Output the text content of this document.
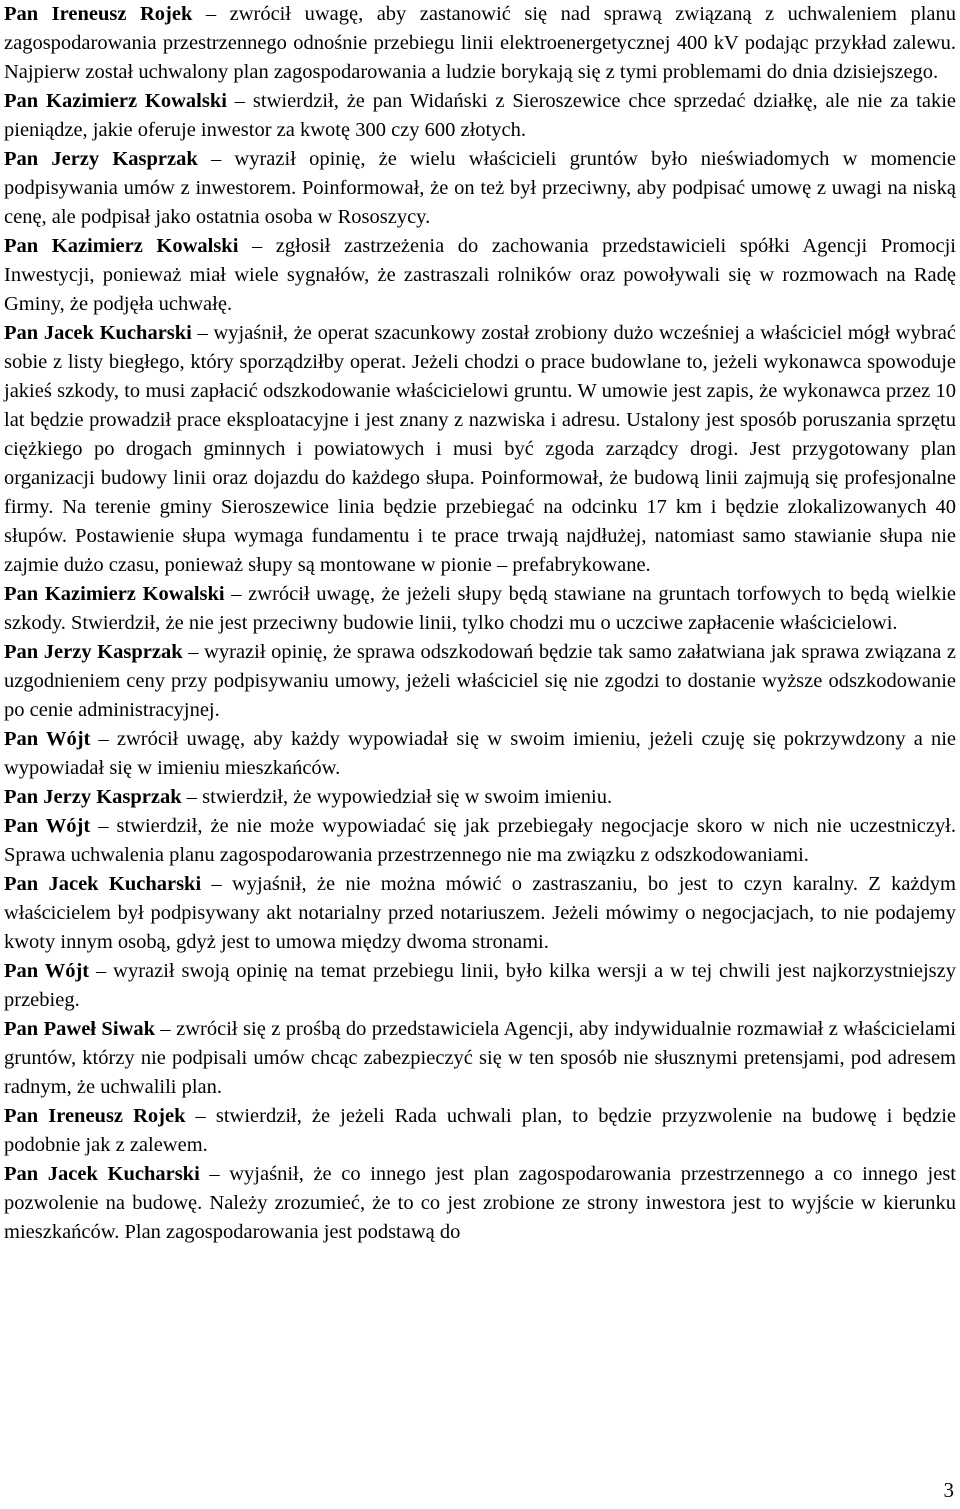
Pan Ireneusz Rojek – zwrócił uwagę, aby zastanowić się nad sprawą związaną z uchwaleniem planu zagospodarowania przestrzennego odnośnie przebiegu linii elektroenergetycznej 400 kV podając przykład zalewu. Najpierw został uchwalony plan zagospodarowania a ludzie borykają się z tymi problemami do dnia dzisiejszego.

Pan Kazimierz Kowalski – stwierdził, że pan Widański z Sieroszewice chce sprzedać działkę, ale nie za takie pieniądze, jakie oferuje inwestor za kwotę 300 czy 600 złotych.

Pan Jerzy Kasprzak – wyraził opinię, że wielu właścicieli gruntów było nieświadomych w momencie podpisywania umów z inwestorem. Poinformował, że on też był przeciwny, aby podpisać umowę z uwagi na niską cenę, ale podpisał jako ostatnia osoba w Rososzycy.

Pan Kazimierz Kowalski – zgłosił zastrzeżenia do zachowania przedstawicieli spółki Agencji Promocji Inwestycji, ponieważ miał wiele sygnałów, że zastraszali rolników oraz powoływali się w rozmowach na Radę Gminy, że podjęła uchwałę.

Pan Jacek Kucharski – wyjaśnił, że operat szacunkowy został zrobiony dużo wcześniej a właściciel mógł wybrać sobie z listy biegłego, który sporządziłby operat. Jeżeli chodzi o prace budowlane to, jeżeli wykonawca spowoduje jakieś szkody, to musi zapłacić odszkodowanie właścicielowi gruntu. W umowie jest zapis, że wykonawca przez 10 lat będzie prowadził prace eksploatacyjne i jest znany z nazwiska i adresu. Ustalony jest sposób poruszania sprzętu ciężkiego po drogach gminnych i powiatowych i musi być zgoda zarządcy drogi. Jest przygotowany plan organizacji budowy linii oraz dojazdu do każdego słupa. Poinformował, że budową linii zajmują się profesjonalne firmy. Na terenie gminy Sieroszewice linia będzie przebiegać na odcinku 17 km i będzie zlokalizowanych 40 słupów. Postawienie słupa wymaga fundamentu i te prace trwają najdłużej, natomiast samo stawianie słupa nie zajmie dużo czasu, ponieważ słupy są montowane w pionie – prefabrykowane.

Pan Kazimierz Kowalski – zwrócił uwagę, że jeżeli słupy będą stawiane na gruntach torfowych to będą wielkie szkody. Stwierdził, że nie jest przeciwny budowie linii, tylko chodzi mu o uczciwe zapłacenie właścicielowi.

Pan Jerzy Kasprzak – wyraził opinię, że sprawa odszkodowań będzie tak samo załatwiana jak sprawa związana z uzgodnieniem ceny przy podpisywaniu umowy, jeżeli właściciel się nie zgodzi to dostanie wyższe odszkodowanie po cenie administracyjnej.

Pan Wójt – zwrócił uwagę, aby każdy wypowiadał się w swoim imieniu, jeżeli czuję się pokrzywdzony a nie wypowiadał się w imieniu mieszkańców.

Pan Jerzy Kasprzak – stwierdził, że wypowiedział się w swoim imieniu.

Pan Wójt – stwierdził, że nie może wypowiadać się jak przebiegały negocjacje skoro w nich nie uczestniczył. Sprawa uchwalenia planu zagospodarowania przestrzennego nie ma związku z odszkodowaniami.

Pan Jacek Kucharski – wyjaśnił, że nie można mówić o zastraszaniu, bo jest to czyn karalny. Z każdym właścicielem był podpisywany akt notarialny przed notariuszem. Jeżeli mówimy o negocjacjach, to nie podajemy kwoty innym osobą, gdyż jest to umowa między dwoma stronami.

Pan Wójt – wyraził swoją opinię na temat przebiegu linii, było kilka wersji a w tej chwili jest najkorzystniejszy przebieg.

Pan Paweł Siwak – zwrócił się z prośbą do przedstawiciela Agencji, aby indywidualnie rozmawiał z właścicielami gruntów, którzy nie podpisali umów chcąc zabezpieczyć się w ten sposób nie słusznymi pretensjami, pod adresem radnym, że uchwalili plan.

Pan Ireneusz Rojek – stwierdził, że jeżeli Rada uchwali plan, to będzie przyzwolenie na budowę i będzie podobnie jak z zalewem.

Pan Jacek Kucharski – wyjaśnił, że co innego jest plan zagospodarowania przestrzennego a co innego jest pozwolenie na budowę. Należy zrozumieć, że to co jest zrobione ze strony inwestora jest to wyjście w kierunku mieszkańców. Plan zagospodarowania jest podstawą do

3
